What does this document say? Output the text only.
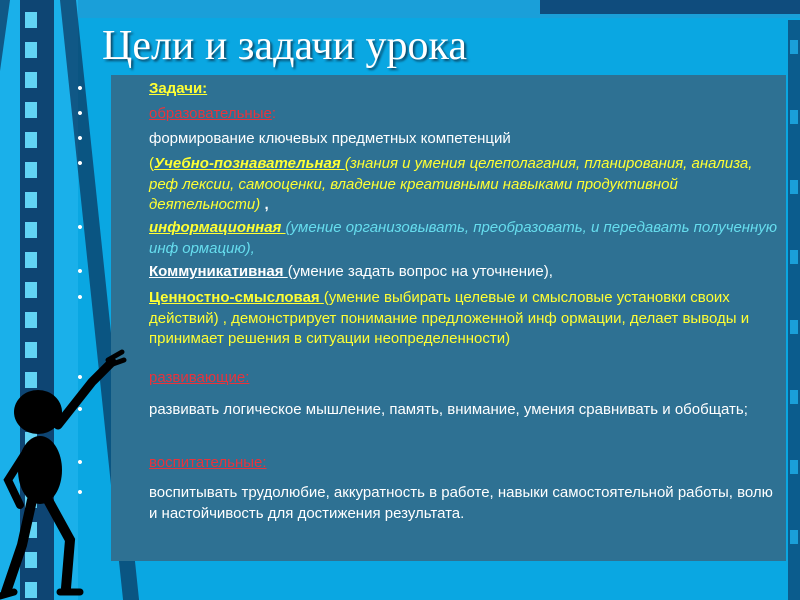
Цели и задачи урока
•	Задачи:
•	образовательные:
•	формирование ключевых предметных компетенций
•	(Учебно-познавательная (знания и умения целеполагания, планирования, анализа, реф лексии, самооценки, владение креативными навыками продуктивной деятельности) ,
•	информационная (умение организовывать, преобразовать, и передавать полученную инф ормацию),
•	Коммуникативная (умение задать вопрос на уточнение),
•	Ценностно-смысловая (умение выбирать целевые и смысловые установки своих действий) , демонстрирует понимание предложенной инф ормации, делает выводы и принимает решения в ситуации неопределенности)
•	развивающие:
•	развивать логическое мышление, память, внимание, умения сравнивать и обобщать;
•	воспитательные:
•	воспитывать трудолюбие, аккуратность в работе, навыки самостоятельной работы, волю и настойчивость для достижения результата.
